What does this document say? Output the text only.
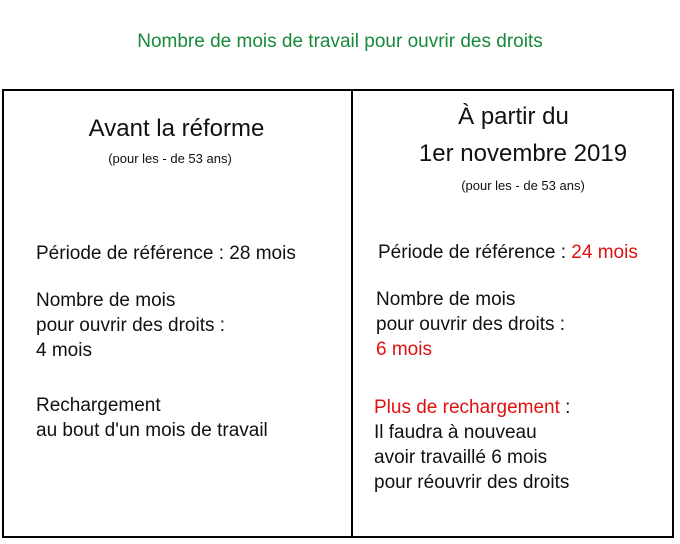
Nombre de mois de travail pour ouvrir des droits
Avant la réforme
(pour les - de 53 ans)
Période de référence : 28 mois
Nombre de mois
pour ouvrir des droits :
4 mois
Rechargement
au bout d'un mois de travail
À partir du
1er novembre 2019
(pour les - de 53 ans)
Période de référence : 24 mois
Nombre de mois
pour ouvrir des droits :
6 mois
Plus de rechargement :
Il faudra à nouveau
avoir travaillé 6 mois
pour réouvrir des droits
